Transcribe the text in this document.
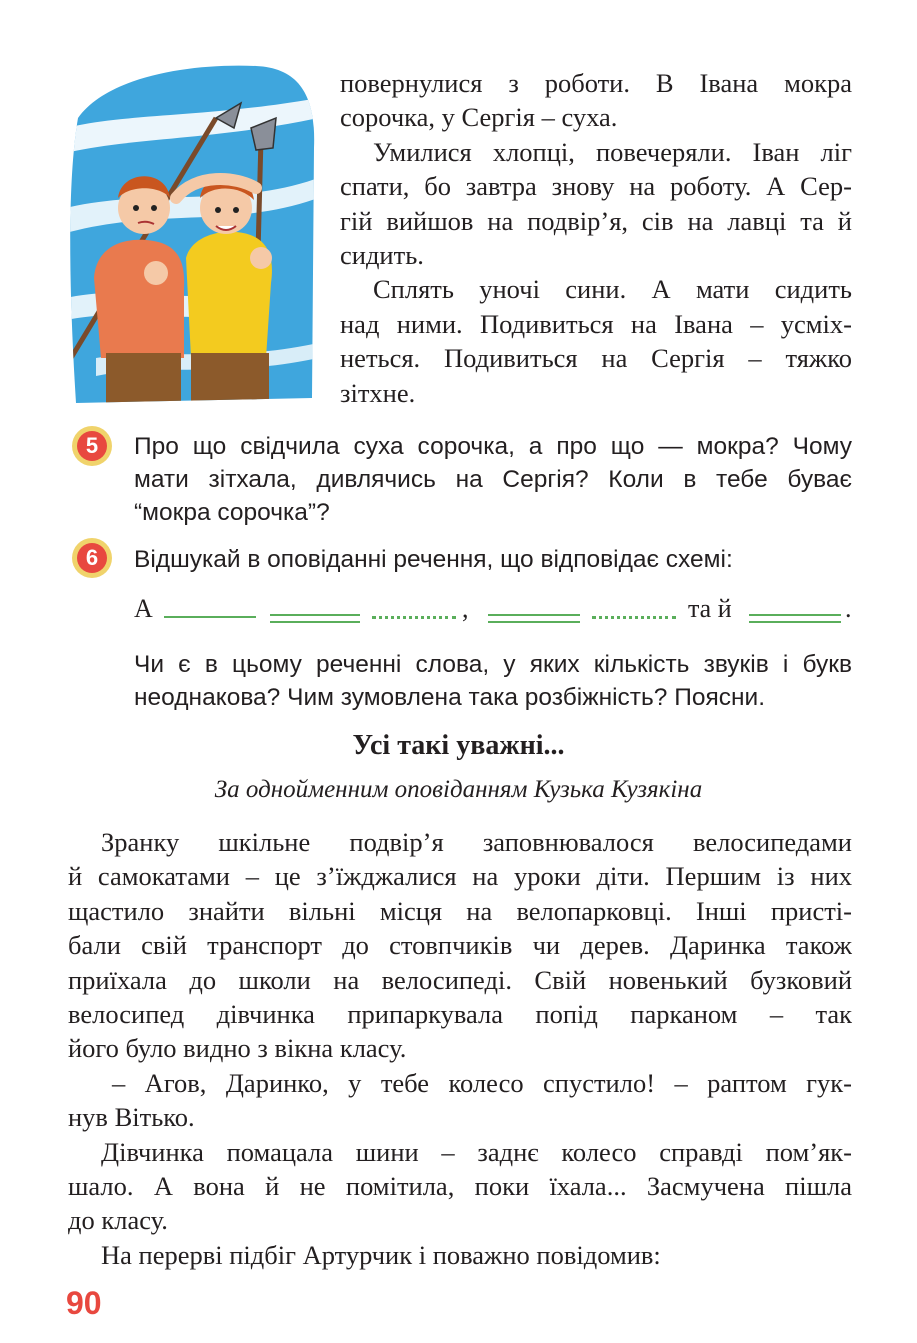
повернулися з роботи. В Івана мокра

сорочка, у Сергія – суха.

Умилися хлопці, повечеряли. Іван ліг

спати, бо завтра знову на роботу. А Сер-

гій вийшов на подвір’я, сів на лавці та й

сидить.

Сплять уночі сини. А мати сидить

над ними. Подивиться на Івана – усміх-

неться. Подивиться на Сергія – тяжко

зітхне.

5	Про що свідчила суха сорочка, а про що — мокра? Чому

мати зітхала, дивлячись на Сергія? Коли в тебе буває

“мокра сорочка”?

6	Відшукай в оповіданні речення, що відповідає схемі:

А	,	та й	.

Чи є в цьому реченні слова, у яких кількість звуків і букв

неоднакова? Чим зумовлена така розбіжність? Поясни.

Усі такі уважні...
За однойменним оповіданням Кузька Кузякіна

Зранку шкільне подвір’я заповнювалося велосипедами

й самокатами – це з’їжджалися на уроки діти. Першим із них

щастило знайти вільні місця на велопарковці. Інші присті-

бали свій транспорт до стовпчиків чи дерев. Даринка також

приїхала до школи на велосипеді. Свій новенький бузковий

велосипед дівчинка припаркувала попід парканом – так

його було видно з вікна класу.

– Агов, Даринко, у тебе колесо спустило! – раптом гук-

нув Вітько.

Дівчинка помацала шини – заднє колесо справді пом’як-

шало. А вона й не помітила, поки їхала... Засмучена пішла

до класу.

На перерві підбіг Артурчик і поважно повідомив:

90
